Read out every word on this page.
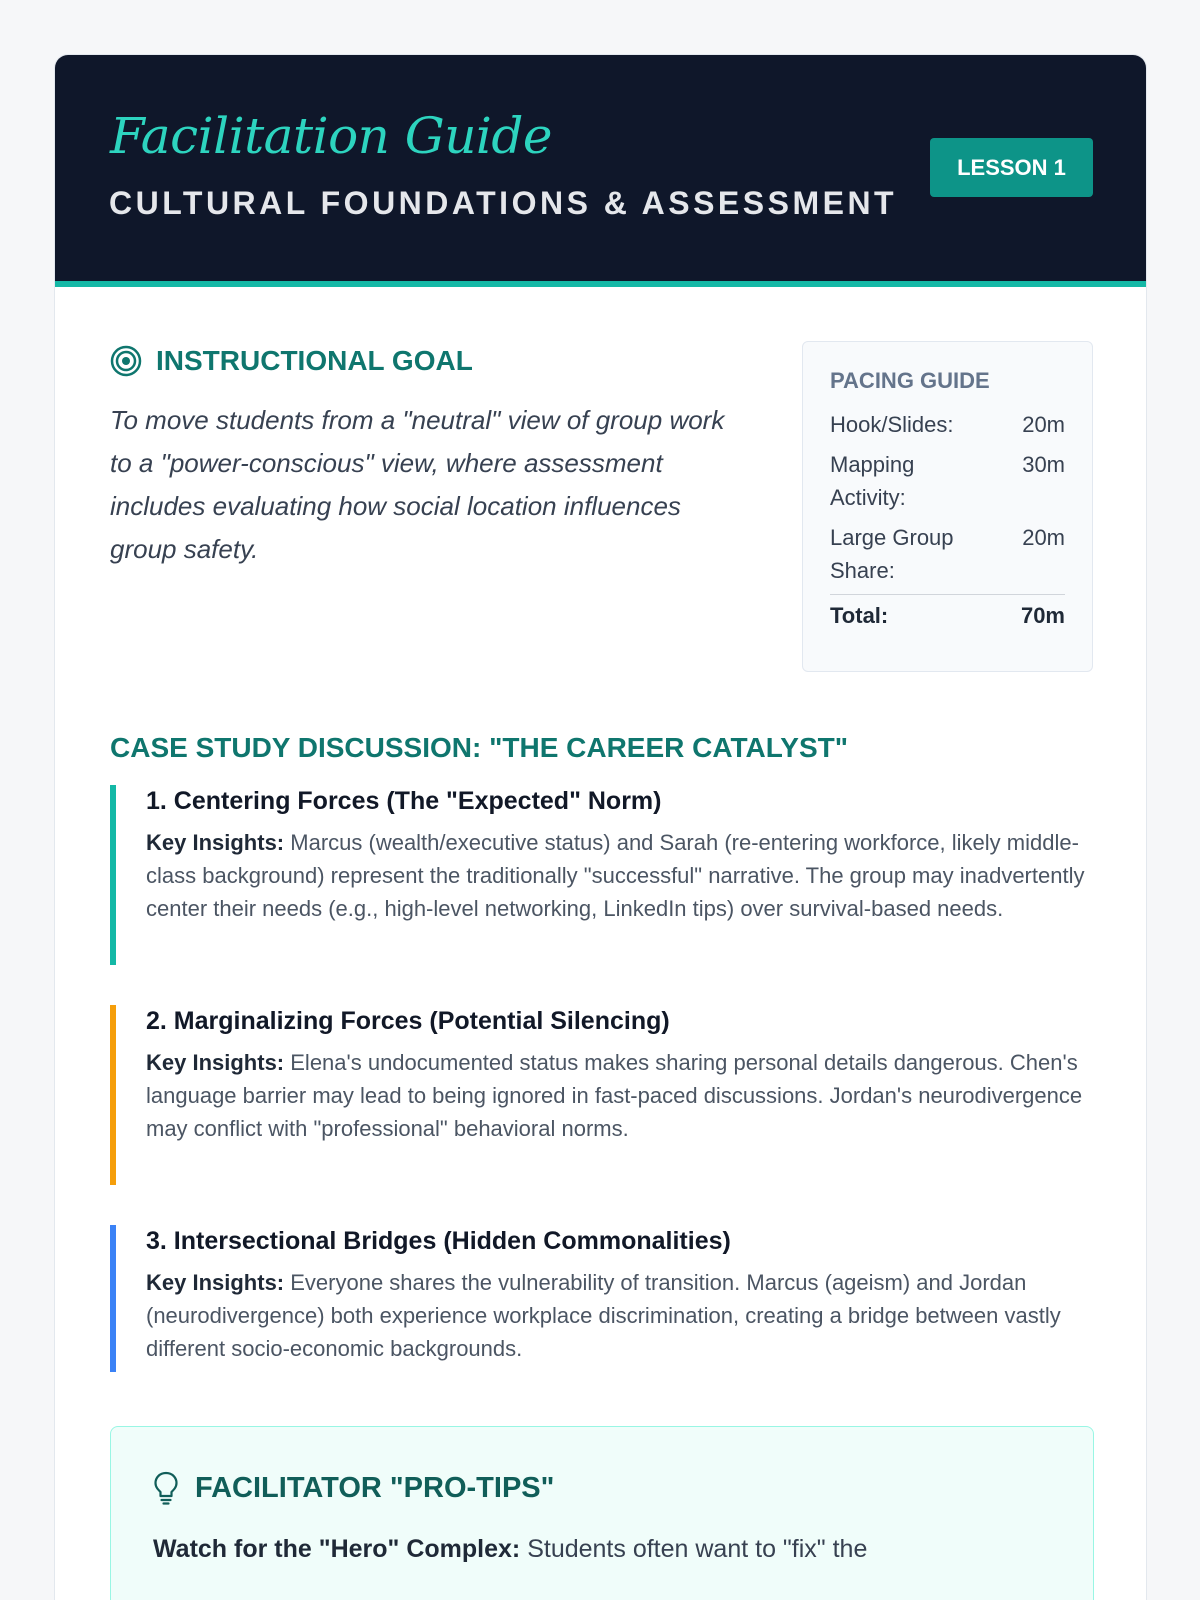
Facilitation Guide
CULTURAL FOUNDATIONS & ASSESSMENT
LESSON 1
INSTRUCTIONAL GOAL

To move students from a "neutral" view of group work to a "power-conscious" view, where assessment includes evaluating how social location influences group safety.

PACING GUIDE
Hook/Slides:	20m
Mapping Activity:
30m
Large Group Share:
20m
Total:	70m
CASE STUDY DISCUSSION: "THE CAREER CATALYST"
1. Centering Forces (The "Expected" Norm)

Key Insights: Marcus (wealth/executive status) and Sarah (re-entering workforce, likely middle-class background) represent the traditionally "successful" narrative. The group may inadvertently center their needs (e.g., high-level networking, LinkedIn tips) over survival-based needs.

2. Marginalizing Forces (Potential Silencing)

Key Insights: Elena's undocumented status makes sharing personal details dangerous. Chen's language barrier may lead to being ignored in fast-paced discussions. Jordan's neurodivergence may conflict with "professional" behavioral norms.

3. Intersectional Bridges (Hidden Commonalities)

Key Insights: Everyone shares the vulnerability of transition. Marcus (ageism) and Jordan (neurodivergence) both experience workplace discrimination, creating a bridge between vastly different socio-economic backgrounds.

FACILITATOR "PRO-TIPS"

Watch for the "Hero" Complex: Students often want to "fix" the
